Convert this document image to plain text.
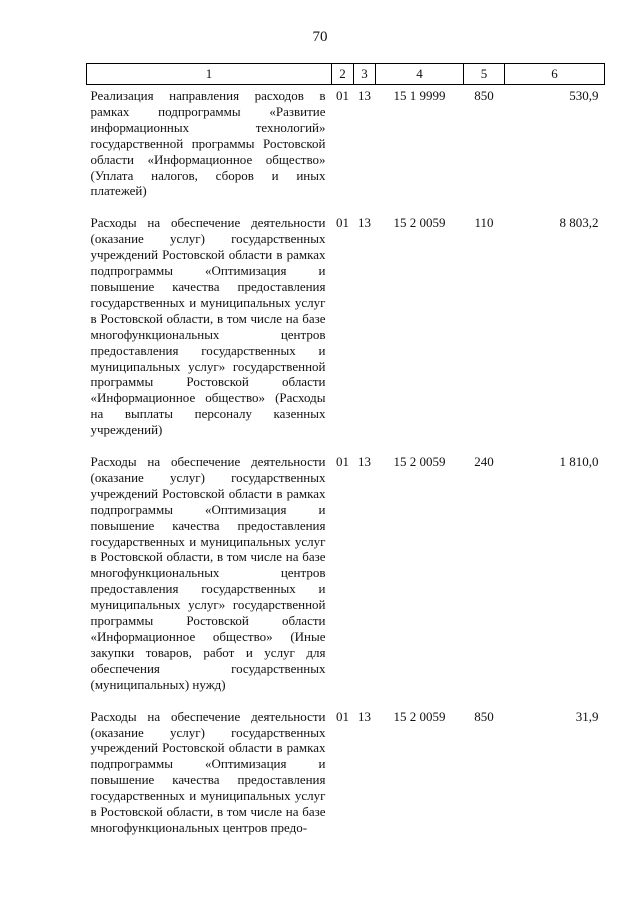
70
1	2	3	4	5	6
Реализация направления расходов в рамках подпрограммы «Развитие информационных технологий» государственной программы Ростовской области «Информационное общество» (Уплата налогов, сборов и иных платежей)	01	13	15 1 9999	850	530,9
Расходы на обеспечение деятельности (оказание услуг) государственных учреждений Ростовской области в рамках подпрограммы «Оптимизация и повышение качества предоставления государственных и муниципальных услуг в Ростовской области, в том числе на базе многофункциональных центров предоставления государственных и муниципальных услуг» государственной программы Ростовской области «Информационное общество» (Расходы на выплаты персоналу казенных учреждений)	01	13	15 2 0059	110	8 803,2
Расходы на обеспечение деятельности (оказание услуг) государственных учреждений Ростовской области в рамках подпрограммы «Оптимизация и повышение качества предоставления государственных и муниципальных услуг в Ростовской области, в том числе на базе многофункциональных центров предоставления государственных и муниципальных услуг» государственной программы Ростовской области «Информационное общество» (Иные закупки товаров, работ и услуг для обеспечения государственных (муниципальных) нужд)	01	13	15 2 0059	240	1 810,0
Расходы на обеспечение деятельности (оказание услуг) государственных учреждений Ростовской области в рамках подпрограммы «Оптимизация и повышение качества предоставления государственных и муниципальных услуг в Ростовской области, в том числе на базе многофункциональных центров предо-	01	13	15 2 0059	850	31,9
